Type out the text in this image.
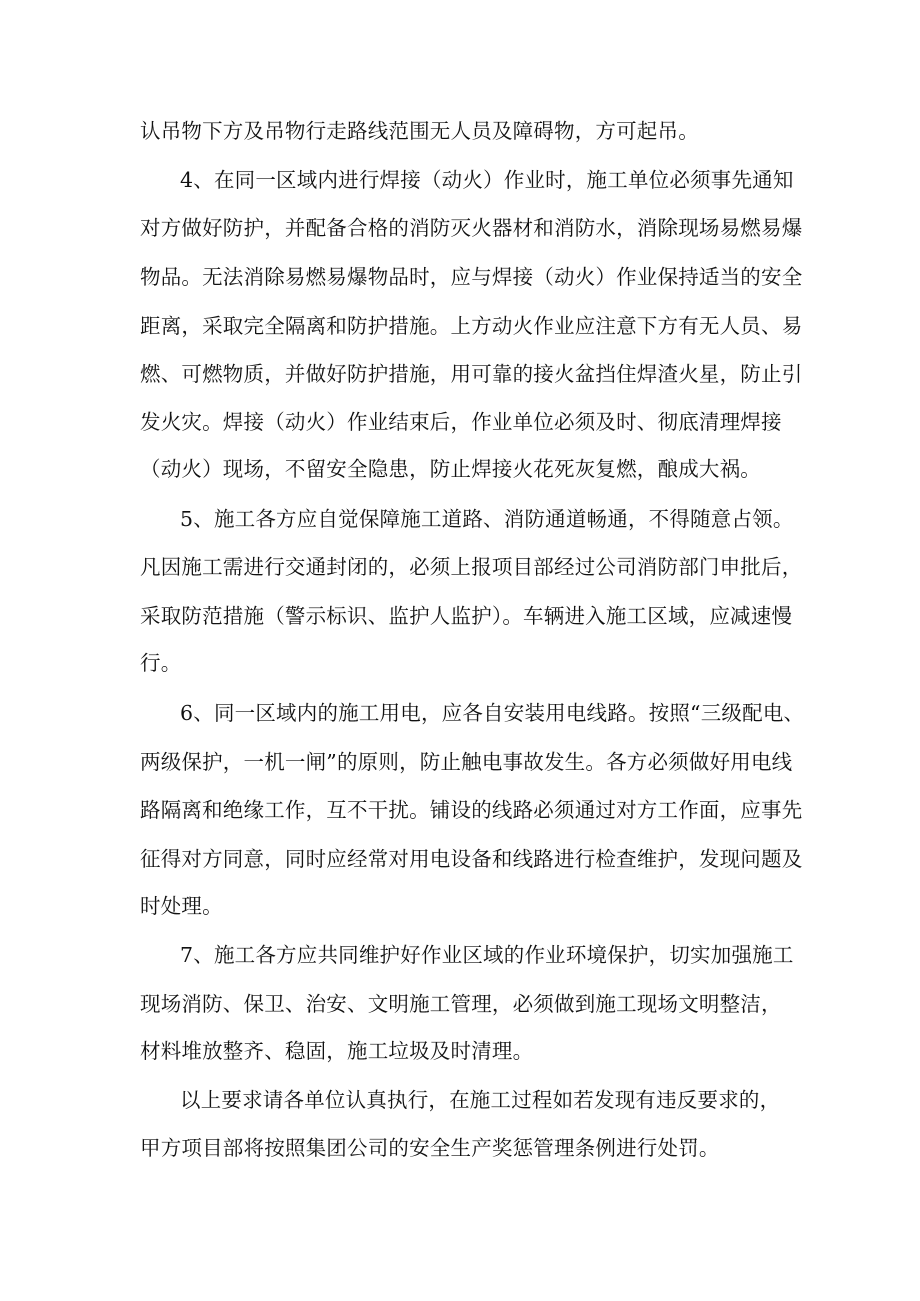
认吊物下方及吊物行走路线范围无人员及障碍物，方可起吊。
4、在同一区域内进行焊接（动火）作业时，施工单位必须事先通知
对方做好防护，并配备合格的消防灭火器材和消防水，消除现场易燃易爆
物品。无法消除易燃易爆物品时，应与焊接（动火）作业保持适当的安全
距离，采取完全隔离和防护措施。上方动火作业应注意下方有无人员、易
燃、可燃物质，并做好防护措施，用可靠的接火盆挡住焊渣火星，防止引
发火灾。焊接（动火）作业结束后，作业单位必须及时、彻底清理焊接
（动火）现场，不留安全隐患，防止焊接火花死灰复燃，酿成大祸。
5、施工各方应自觉保障施工道路、消防通道畅通，不得随意占领。
凡因施工需进行交通封闭的，必须上报项目部经过公司消防部门申批后，
采取防范措施（警示标识、监护人监护）。车辆进入施工区域，应减速慢
行。
6、同一区域内的施工用电，应各自安装用电线路。按照“三级配电、
两级保护，一机一闸”的原则，防止触电事故发生。各方必须做好用电线
路隔离和绝缘工作，互不干扰。铺设的线路必须通过对方工作面，应事先
征得对方同意，同时应经常对用电设备和线路进行检查维护，发现问题及
时处理。
7、施工各方应共同维护好作业区域的作业环境保护，切实加强施工
现场消防、保卫、治安、文明施工管理，必须做到施工现场文明整洁，
材料堆放整齐、稳固，施工垃圾及时清理。
以上要求请各单位认真执行，在施工过程如若发现有违反要求的，
甲方项目部将按照集团公司的安全生产奖惩管理条例进行处罚。
